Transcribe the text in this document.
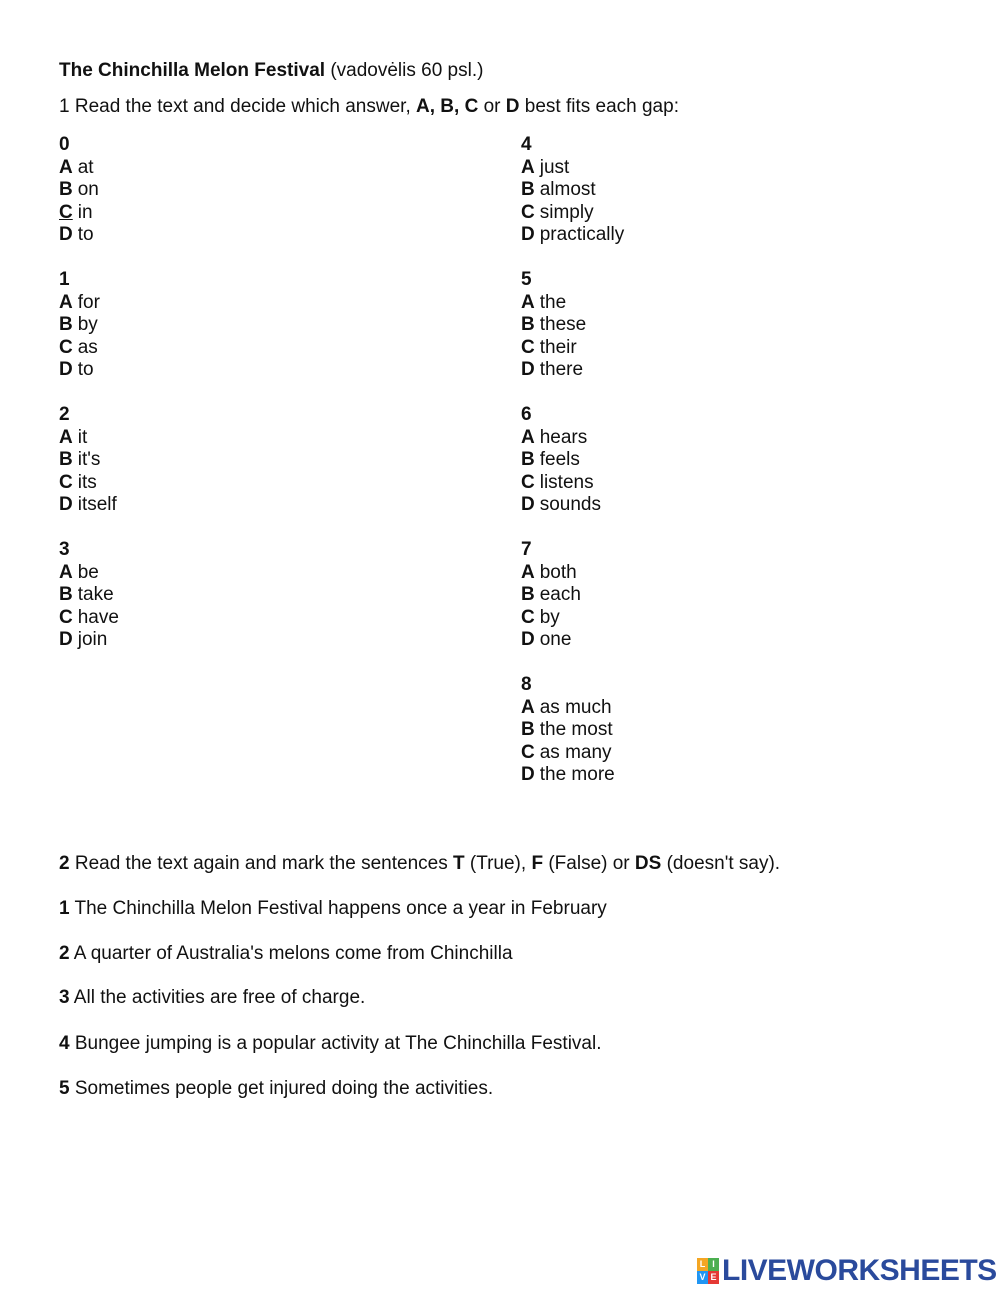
The Chinchilla Melon Festival (vadovėlis 60 psl.)
1 Read the text and decide which answer, A, B, C or D best fits each gap:
0
A at
B on
C in
D to
1
A for
B by
C as
D to
2
A it
B it's
C its
D itself
3
A be
B take
C have
D join
4
A just
B almost
C simply
D practically
5
A the
B these
C their
D there
6
A hears
B feels
C listens
D sounds
7
A both
B each
C by
D one
8
A as much
B the most
C as many
D the more
2 Read the text again and mark the sentences T (True), F (False) or DS (doesn't say).
1 The Chinchilla Melon Festival happens once a year in February
2 A quarter of Australia's melons come from Chinchilla
3 All the activities are free of charge.
4 Bungee jumping is a popular activity at The Chinchilla Festival.
5 Sometimes people get injured doing the activities.
L I
V E LIVEWORKSHEETS
